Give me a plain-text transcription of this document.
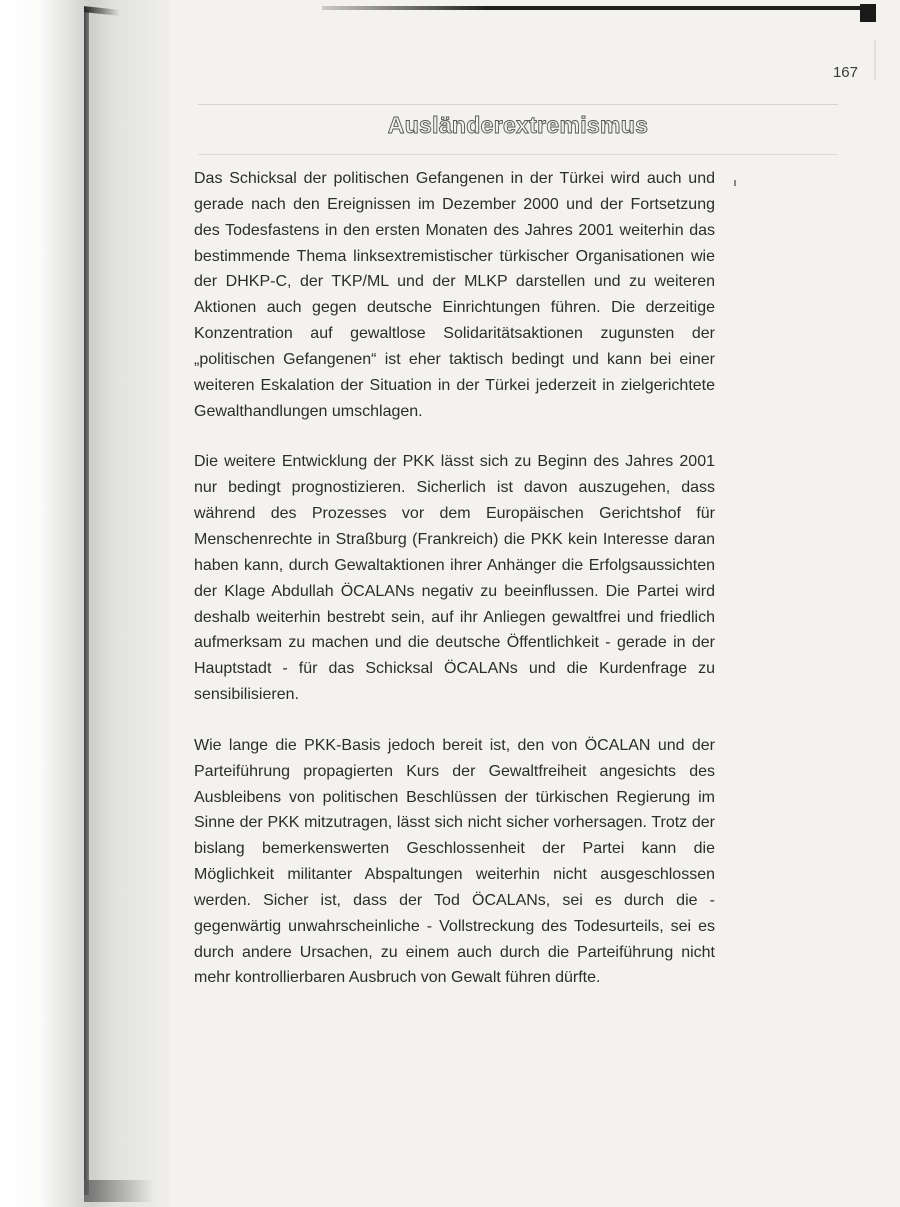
167
Ausländerextremismus

Das Schicksal der politischen Gefangenen in der Türkei wird auch und gerade nach den Ereignissen im Dezember 2000 und der Fortsetzung des Todesfastens in den ersten Monaten des Jahres 2001 weiterhin das bestimmende Thema linksextremistischer türkischer Organisationen wie der DHKP-C, der TKP/ML und der MLKP darstellen und zu weiteren Aktionen auch gegen deutsche Einrichtungen führen. Die derzeitige Konzentration auf gewaltlose Solidaritätsaktionen zugunsten der „politischen Gefangenen“ ist eher taktisch bedingt und kann bei einer weiteren Eskalation der Situation in der Türkei jederzeit in zielgerichtete Gewalthandlungen umschlagen.

Die weitere Entwicklung der PKK lässt sich zu Beginn des Jahres 2001 nur bedingt prognostizieren. Sicherlich ist davon auszugehen, dass während des Prozesses vor dem Europäischen Gerichtshof für Menschenrechte in Straßburg (Frankreich) die PKK kein Interesse daran haben kann, durch Gewaltaktionen ihrer Anhänger die Erfolgsaussichten der Klage Abdullah ÖCALANs negativ zu beeinflussen. Die Partei wird deshalb weiterhin bestrebt sein, auf ihr Anliegen gewaltfrei und friedlich aufmerksam zu machen und die deutsche Öffentlichkeit - gerade in der Hauptstadt - für das Schicksal ÖCALANs und die Kurdenfrage zu sensibilisieren.

Wie lange die PKK-Basis jedoch bereit ist, den von ÖCALAN und der Parteiführung propagierten Kurs der Gewaltfreiheit angesichts des Ausbleibens von politischen Beschlüssen der türkischen Regierung im Sinne der PKK mitzutragen, lässt sich nicht sicher vorhersagen. Trotz der bislang bemerkenswerten Geschlossenheit der Partei kann die Möglichkeit militanter Abspaltungen weiterhin nicht ausgeschlossen werden. Sicher ist, dass der Tod ÖCALANs, sei es durch die - gegenwärtig unwahrscheinliche - Vollstreckung des Todesurteils, sei es durch andere Ursachen, zu einem auch durch die Parteiführung nicht mehr kontrollierbaren Ausbruch von Gewalt führen dürfte.
